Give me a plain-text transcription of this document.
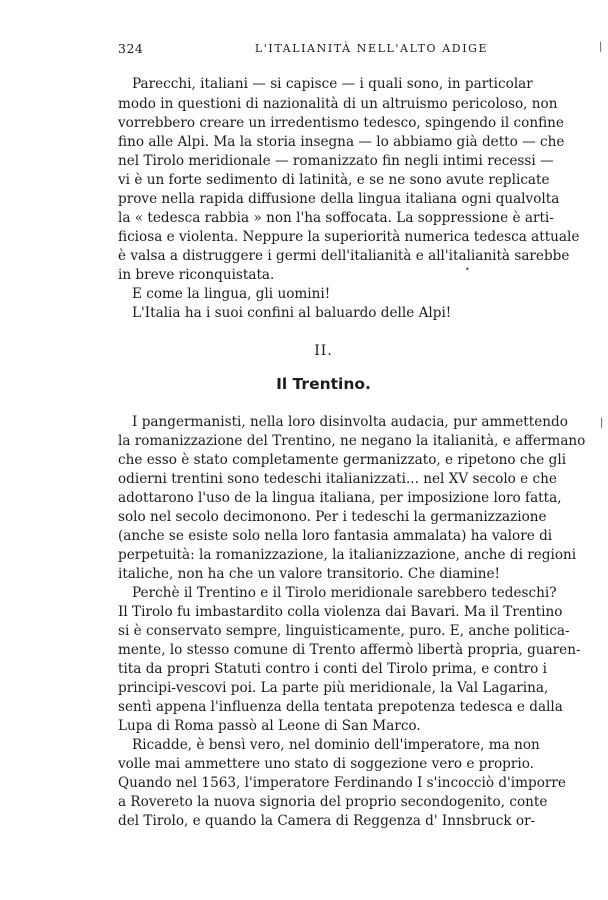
324	L'ITALIANITÀ NELL'ALTO ADIGE
Parecchi, italiani — si capisce — i quali sono, in particolar
modo in questioni di nazionalità di un altruismo pericoloso, non
vorrebbero creare un irredentismo tedesco, spingendo il confine
fino alle Alpi. Ma la storia insegna — lo abbiamo già detto — che
nel Tirolo meridionale — romanizzato fin negli intimi recessi —
vi è un forte sedimento di latinità, e se ne sono avute replicate
prove nella rapida diffusione della lingua italiana ogni qualvolta
la « tedesca rabbia » non l'ha soffocata. La soppressione è arti-
ficiosa e violenta. Neppure la superiorità numerica tedesca attuale
è valsa a distruggere i germi dell'italianità e all'italianità sarebbe
in breve riconquistata.
E come la lingua, gli uomini!
L'Italia ha i suoi confini al baluardo delle Alpi!
II.
Il Trentino.
I pangermanisti, nella loro disinvolta audacia, pur ammettendo
la romanizzazione del Trentino, ne negano la italianità, e affermano
che esso è stato completamente germanizzato, e ripetono che gli
odierni trentini sono tedeschi italianizzati... nel XV secolo e che
adottarono l'uso de la lingua italiana, per imposizione loro fatta,
solo nel secolo decimonono. Per i tedeschi la germanizzazione
(anche se esiste solo nella loro fantasia ammalata) ha valore di
perpetuità: la romanizzazione, la italianizzazione, anche di regioni
italiche, non ha che un valore transitorio. Che diamine!
Perchè il Trentino e il Tirolo meridionale sarebbero tedeschi?
Il Tirolo fu imbastardito colla violenza dai Bavari. Ma il Trentino
si è conservato sempre, linguisticamente, puro. E, anche politica-
mente, lo stesso comune di Trento affermò libertà propria, guaren-
tita da propri Statuti contro i conti del Tirolo prima, e contro i
principi-vescovi poi. La parte più meridionale, la Val Lagarina,
sentì appena l'influenza della tentata prepotenza tedesca e dalla
Lupa di Roma passò al Leone di San Marco.
Ricadde, è bensì vero, nel dominio dell'imperatore, ma non
volle mai ammettere uno stato di soggezione vero e proprio.
Quando nel 1563, l'imperatore Ferdinando I s'incocciò d'imporre
a Rovereto la nuova signoria del proprio secondogenito, conte
del Tirolo, e quando la Camera di Reggenza d' Innsbruck or-
|
|
•
